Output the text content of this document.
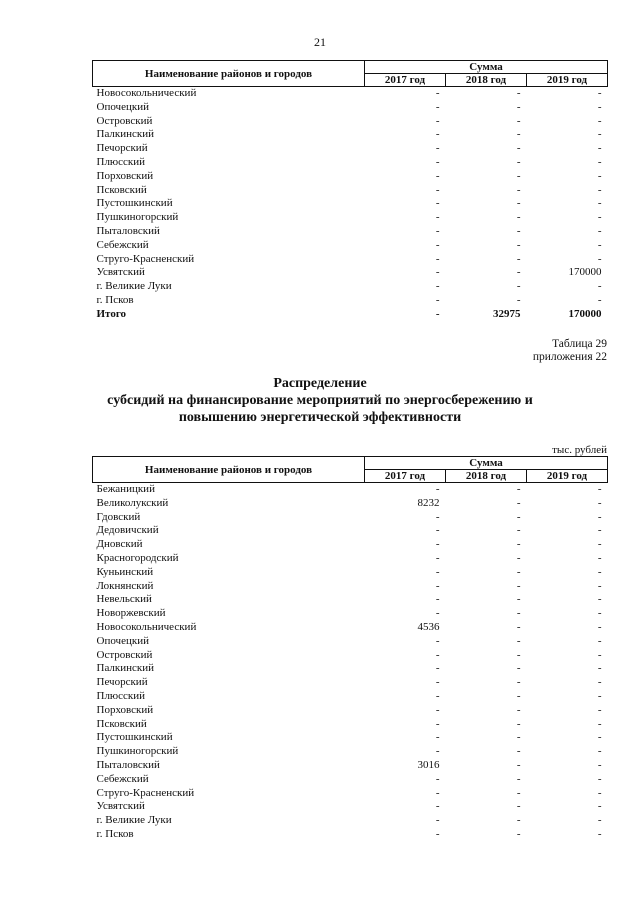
21
Наименование районов и городов	Сумма		
	2017 год	2018 год	2019 год
Новосокольнический	-	-	-
Опочецкий	-	-	-
Островский	-	-	-
Палкинский	-	-	-
Печорский	-	-	-
Плюсский	-	-	-
Порховский	-	-	-
Псковский	-	-	-
Пустошкинский	-	-	-
Пушкиногорский	-	-	-
Пыталовский	-	-	-
Себежский	-	-	-
Струго-Красненский	-	-	-
Усвятский	-	-	170000
г. Великие Луки	-	-	-
г. Псков	-	-	-
Итого	-	32975	170000
Таблица 29
приложения 22
Распределение
субсидий на финансирование мероприятий по энергосбережению и
повышению энергетической эффективности
тыс. рублей
Наименование районов и городов	Сумма		
	2017 год	2018 год	2019 год
Бежаницкий	-	-	-
Великолукский	8232	-	-
Гдовский	-	-	-
Дедовичский	-	-	-
Дновский	-	-	-
Красногородский	-	-	-
Куньинский	-	-	-
Локнянский	-	-	-
Невельский	-	-	-
Новоржевский	-	-	-
Новосокольнический	4536	-	-
Опочецкий	-	-	-
Островский	-	-	-
Палкинский	-	-	-
Печорский	-	-	-
Плюсский	-	-	-
Порховский	-	-	-
Псковский	-	-	-
Пустошкинский	-	-	-
Пушкиногорский	-	-	-
Пыталовский	3016	-	-
Себежский	-	-	-
Струго-Красненский	-	-	-
Усвятский	-	-	-
г. Великие Луки	-	-	-
г. Псков	-	-	-
